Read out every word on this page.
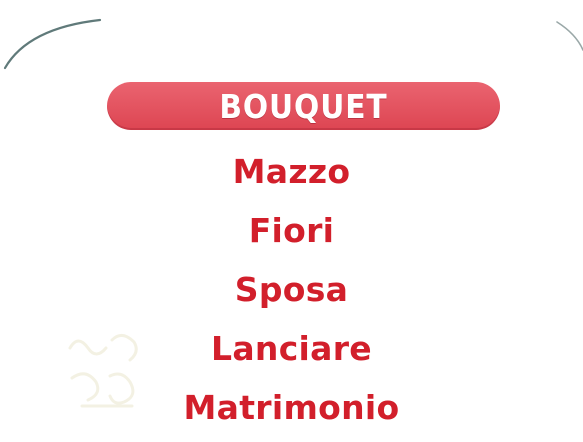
BOUQUET
Mazzo
Fiori
Sposa
Lanciare
Matrimonio
